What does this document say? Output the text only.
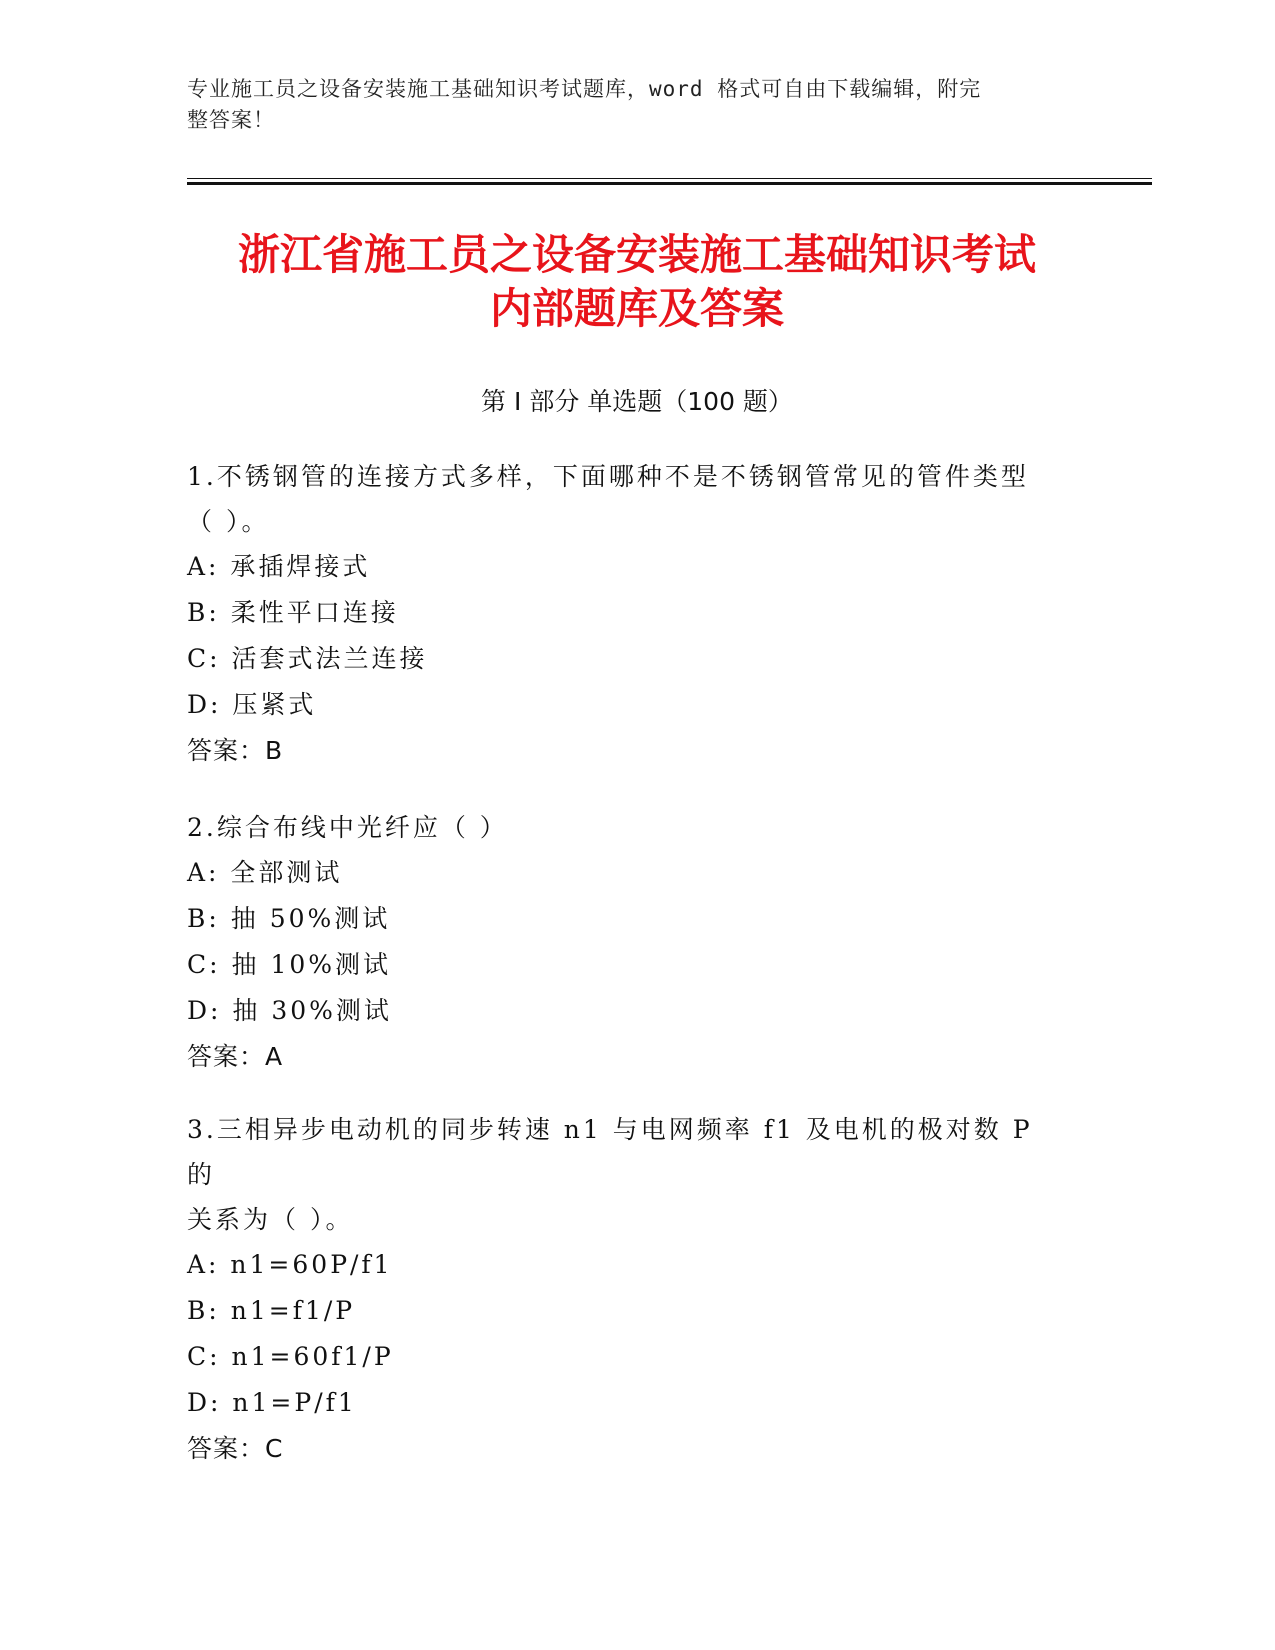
专业施工员之设备安装施工基础知识考试题库，word 格式可自由下载编辑，附完
整答案！
浙江省施工员之设备安装施工基础知识考试
内部题库及答案
第 I 部分 单选题（100 题）
1.不锈钢管的连接方式多样，下面哪种不是不锈钢管常见的管件类型
（ ）。
A: 承插焊接式
B: 柔性平口连接
C: 活套式法兰连接
D: 压紧式
答案：B
2.综合布线中光纤应（ ）
A: 全部测试
B: 抽 50%测试
C: 抽 10%测试
D: 抽 30%测试
答案：A
3.三相异步电动机的同步转速 n1 与电网频率 f1 及电机的极对数 P 的
关系为（ ）。
A: n1=60P/f1
B: n1=f1/P
C: n1=60f1/P
D: n1=P/f1
答案：C
